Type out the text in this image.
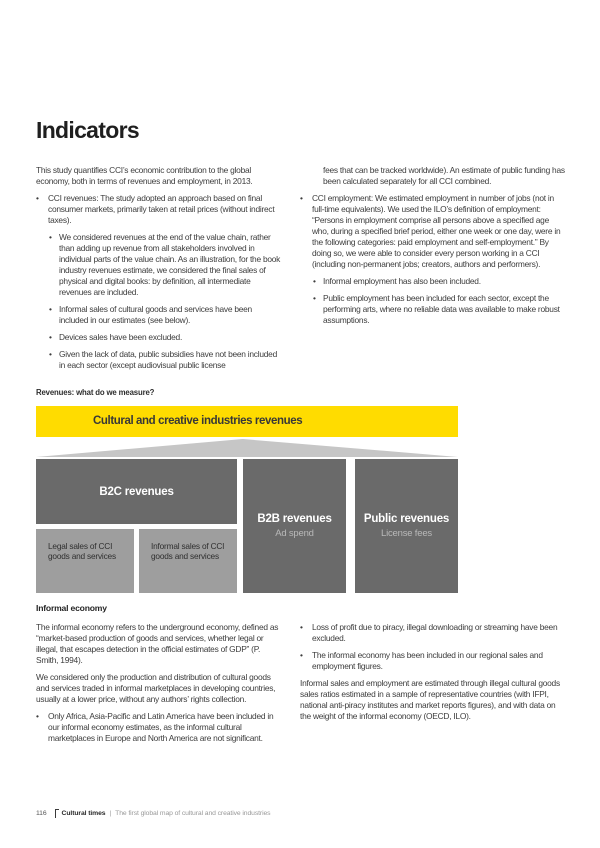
Indicators

This study quantifies CCI’s economic contribution to the global economy, both in terms of revenues and employment, in 2013.

•	CCI revenues: The study adopted an approach based on final consumer markets, primarily taken at retail prices (without indirect taxes).
• We considered revenues at the end of the value chain, rather than adding up revenue from all stakeholders involved in individual parts of the value chain. As an illustration, for the book industry revenues estimate, we considered the final sales of physical and digital books: by definition, all intermediate revenues are included.
• Informal sales of cultural goods and services have been included in our estimates (see below).
• Devices sales have been excluded.
• Given the lack of data, public subsidies have not been included in each sector (except audiovisual public license

fees that can be tracked worldwide). An estimate of public funding has been calculated separately for all CCI combined.

•	CCI employment: We estimated employment in number of jobs (not in full-time equivalents). We used the ILO’s definition of employment: “Persons in employment comprise all persons above a specified age who, during a specified brief period, either one week or one day, were in the following categories: paid employment and self-employment.” By doing so, we were able to consider every person working in a CCI (including non-permanent jobs; creators, authors and performers).
• Informal employment has also been included.
• Public employment has been included for each sector, except the performing arts, where no reliable data was available to make robust assumptions.
Revenues: what do we measure?
Cultural and creative industries revenues
B2C revenues
Legal sales of CCI goods and services
Informal sales of CCI goods and services
B2B revenues
Ad spend
Public revenues
License fees
Informal economy

The informal economy refers to the underground economy, defined as “market-based production of goods and services, whether legal or illegal, that escapes detection in the official estimates of GDP” (P. Smith, 1994).

We considered only the production and distribution of cultural goods and services traded in informal marketplaces in developing countries, usually at a lower price, without any authors’ rights collection.

•	Only Africa, Asia-Pacific and Latin America have been included in our informal economy estimates, as the informal cultural marketplaces in Europe and North America are not significant.
•	Loss of profit due to piracy, illegal downloading or streaming have been excluded.
•	The informal economy has been included in our regional sales and employment figures.

Informal sales and employment are estimated through illegal cultural goods sales ratios estimated in a sample of representative countries (with IFPI, national anti-piracy institutes and market reports figures), and with data on the weight of the informal economy (OECD, ILO).

116 Cultural times | The first global map of cultural and creative industries
